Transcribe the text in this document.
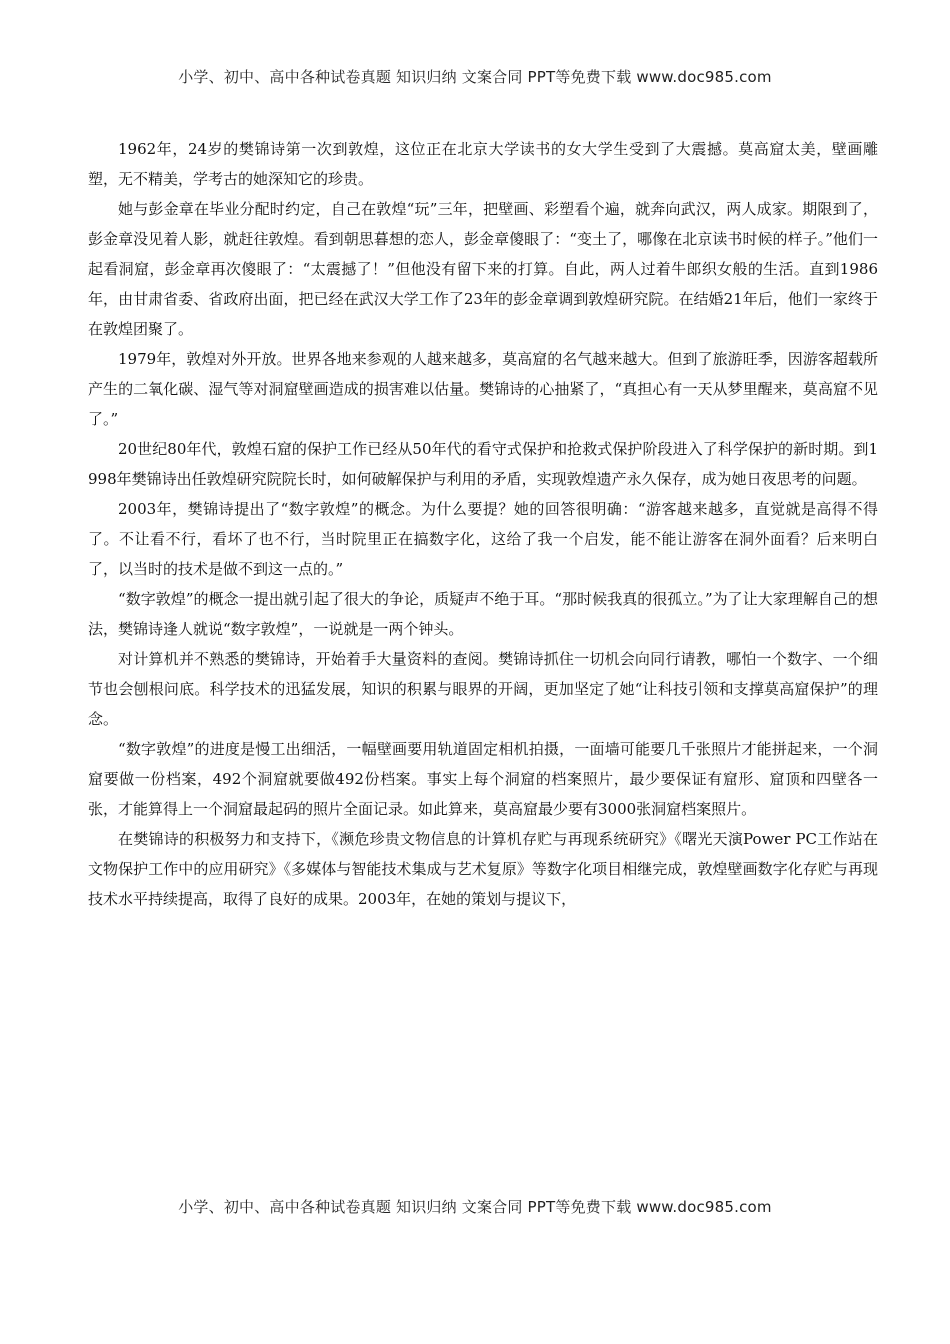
小学、初中、高中各种试卷真题 知识归纳 文案合同 PPT等免费下载 www.doc985.com

1962年，24岁的樊锦诗第一次到敦煌，这位正在北京大学读书的女大学生受到了大震撼。莫高窟太美，壁画雕塑，无不精美，学考古的她深知它的珍贵。

她与彭金章在毕业分配时约定，自己在敦煌“玩”三年，把壁画、彩塑看个遍，就奔向武汉，两人成家。期限到了，彭金章没见着人影，就赶往敦煌。看到朝思暮想的恋人，彭金章傻眼了：“变土了，哪像在北京读书时候的样子。”他们一起看洞窟，彭金章再次傻眼了：“太震撼了！”但他没有留下来的打算。自此，两人过着牛郎织女般的生活。直到1986年，由甘肃省委、省政府出面，把已经在武汉大学工作了23年的彭金章调到敦煌研究院。在结婚21年后，他们一家终于在敦煌团聚了。

1979年，敦煌对外开放。世界各地来参观的人越来越多，莫高窟的名气越来越大。但到了旅游旺季，因游客超载所产生的二氧化碳、湿气等对洞窟壁画造成的损害难以估量。樊锦诗的心抽紧了，“真担心有一天从梦里醒来，莫高窟不见了。”

20世纪80年代，敦煌石窟的保护工作已经从50年代的看守式保护和抢救式保护阶段进入了科学保护的新时期。到1998年樊锦诗出任敦煌研究院院长时，如何破解保护与利用的矛盾，实现敦煌遗产永久保存，成为她日夜思考的问题。

2003年，樊锦诗提出了“数字敦煌”的概念。为什么要提？她的回答很明确：“游客越来越多，直觉就是高得不得了。不让看不行，看坏了也不行，当时院里正在搞数字化，这给了我一个启发，能不能让游客在洞外面看？后来明白了，以当时的技术是做不到这一点的。”

“数字敦煌”的概念一提出就引起了很大的争论，质疑声不绝于耳。“那时候我真的很孤立。”为了让大家理解自己的想法，樊锦诗逢人就说“数字敦煌”，一说就是一两个钟头。

对计算机并不熟悉的樊锦诗，开始着手大量资料的查阅。樊锦诗抓住一切机会向同行请教，哪怕一个数字、一个细节也会刨根问底。科学技术的迅猛发展，知识的积累与眼界的开阔，更加坚定了她“让科技引领和支撑莫高窟保护”的理念。

“数字敦煌”的进度是慢工出细活，一幅壁画要用轨道固定相机拍摄，一面墙可能要几千张照片才能拼起来，一个洞窟要做一份档案，492个洞窟就要做492份档案。事实上每个洞窟的档案照片，最少要保证有窟形、窟顶和四壁各一张，才能算得上一个洞窟最起码的照片全面记录。如此算来，莫高窟最少要有3000张洞窟档案照片。

在樊锦诗的积极努力和支持下，《濒危珍贵文物信息的计算机存贮与再现系统研究》《曙光天演Power PC工作站在文物保护工作中的应用研究》《多媒体与智能技术集成与艺术复原》等数字化项目相继完成，敦煌壁画数字化存贮与再现技术水平持续提高，取得了良好的成果。2003年，在她的策划与提议下，

小学、初中、高中各种试卷真题 知识归纳 文案合同 PPT等免费下载 www.doc985.com
